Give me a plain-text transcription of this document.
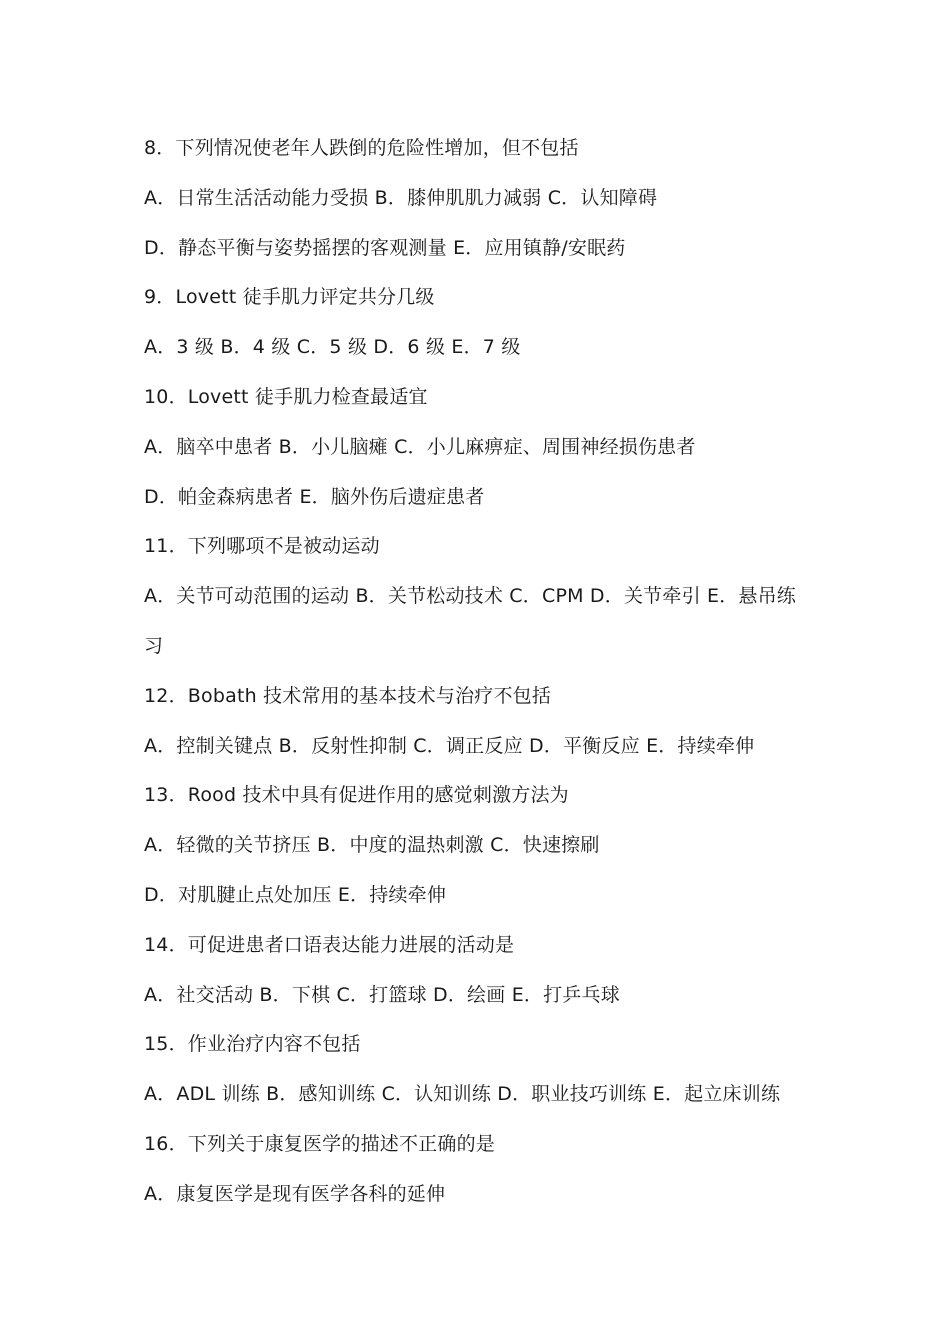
8．下列情况使老年人跌倒的危险性增加，但不包括
A．日常生活活动能力受损 B．膝伸肌肌力减弱 C．认知障碍
D．静态平衡与姿势摇摆的客观测量 E．应用镇静/安眠药
9．Lovett 徒手肌力评定共分几级
A．3 级 B．4 级 C．5 级 D．6 级 E．7 级
10．Lovett 徒手肌力检查最适宜
A．脑卒中患者 B．小儿脑瘫 C．小儿麻痹症、周围神经损伤患者
D．帕金森病患者 E．脑外伤后遗症患者
11．下列哪项不是被动运动
A．关节可动范围的运动 B．关节松动技术 C．CPM D．关节牵引 E．悬吊练
习
12．Bobath 技术常用的基本技术与治疗不包括
A．控制关键点 B．反射性抑制 C．调正反应 D．平衡反应 E．持续牵伸
13．Rood 技术中具有促进作用的感觉刺激方法为
A．轻微的关节挤压 B．中度的温热刺激 C．快速擦刷
D．对肌腱止点处加压 E．持续牵伸
14．可促进患者口语表达能力进展的活动是
A．社交活动 B．下棋 C．打篮球 D．绘画 E．打乒乓球
15．作业治疗内容不包括
A．ADL 训练 B．感知训练 C．认知训练 D．职业技巧训练 E．起立床训练
16．下列关于康复医学的描述不正确的是
A．康复医学是现有医学各科的延伸
